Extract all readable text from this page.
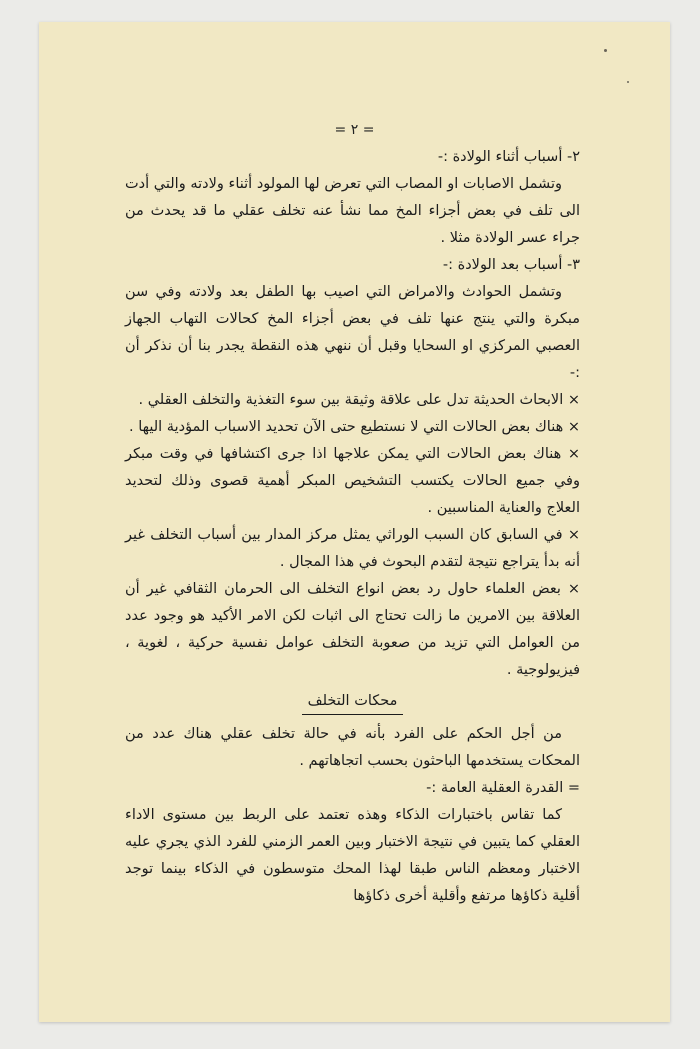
= ٢ =

٢- أسباب أثناء الولادة :-

وتشمل الاصابات او المصاب التي تعرض لها المولود أثناء ولادته والتي أدت الى تلف في بعض أجزاء المخ مما نشأ عنه تخلف عقلي ما قد يحدث من جراء عسر الولادة مثلا .

٣- أسباب بعد الولادة :-

وتشمل الحوادث والامراض التي اصيب بها الطفل بعد ولادته وفي سن مبكرة والتي ينتج عنها تلف في بعض أجزاء المخ كحالات التهاب الجهاز العصبي المركزي او السحايا وقبل أن ننهي هذه النقطة يجدر بنا أن نذكر أن :-

× الابحاث الحديثة تدل على علاقة وثيقة بين سوء التغذية والتخلف العقلي .

× هناك بعض الحالات التي لا نستطيع حتى الآن تحديد الاسباب المؤدية اليها .

× هناك بعض الحالات التي يمكن علاجها اذا جرى اكتشافها في وقت مبكر وفي جميع الحالات يكتسب التشخيص المبكر أهمية قصوى وذلك لتحديد العلاج والعناية المناسبين .

× في السابق كان السبب الوراثي يمثل مركز المدار بين أسباب التخلف غير أنه بدأ يتراجع نتيجة لتقدم البحوث في هذا المجال .

× بعض العلماء حاول رد بعض انواع التخلف الى الحرمان الثقافي غير أن العلاقة بين الامرين ما زالت تحتاج الى اثبات لكن الامر الأكيد هو وجود عدد من العوامل التي تزيد من صعوبة التخلف عوامل نفسية حركية ، لغوية ، فيزيولوجية .

محكات التخلف

من أجل الحكم على الفرد بأنه في حالة تخلف عقلي هناك عدد من المحكات يستخدمها الباحثون بحسب اتجاهاتهم .

= القدرة العقلية العامة :-

كما تقاس باختبارات الذكاء وهذه تعتمد على الربط بين مستوى الاداء العقلي كما يتبين في نتيجة الاختبار وبين العمر الزمني للفرد الذي يجري عليه الاختبار ومعظم الناس طبقا لهذا المحك متوسطون في الذكاء بينما توجد أقلية ذكاؤها مرتفع وأقلية أخرى ذكاؤها
